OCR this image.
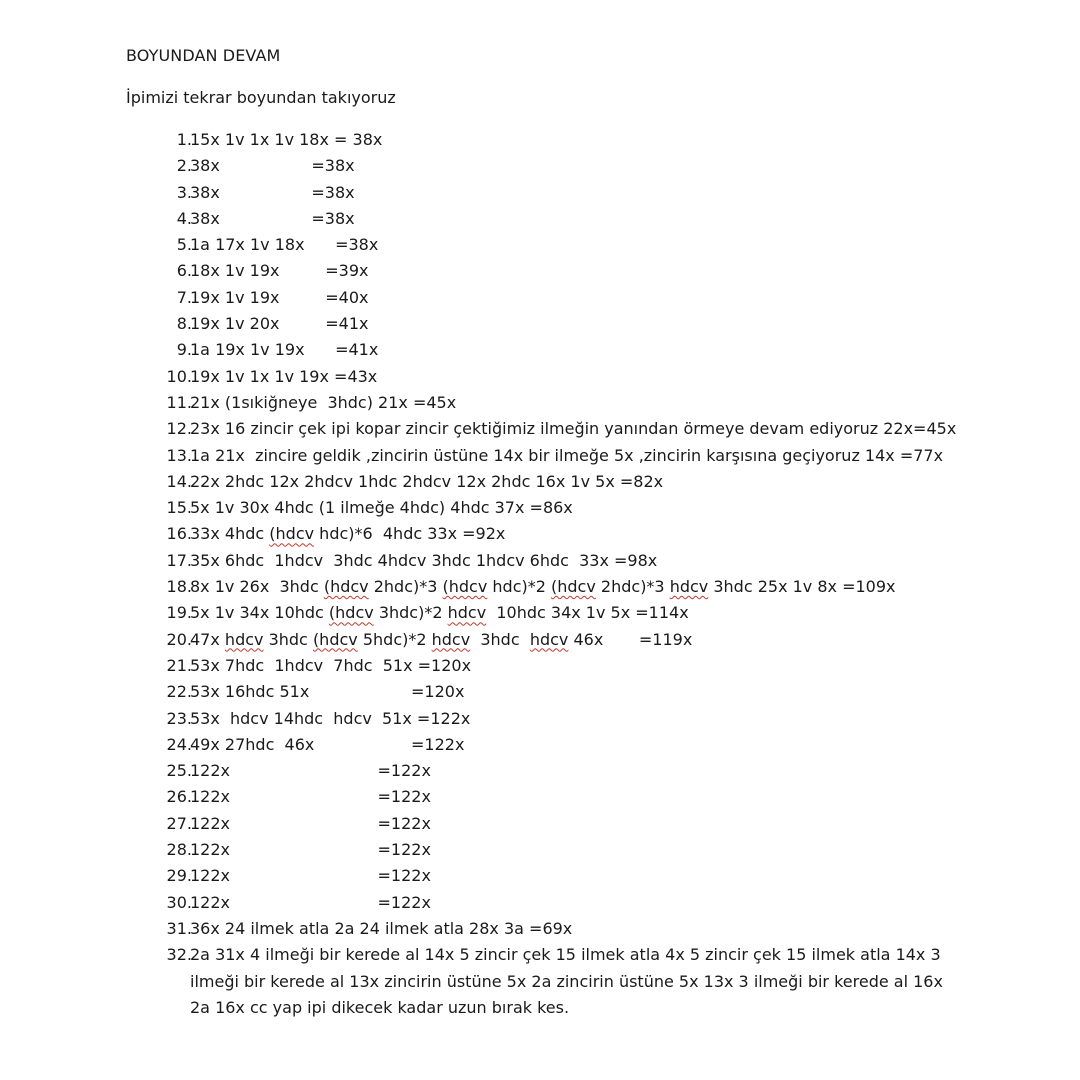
BOYUNDAN DEVAM
İpimizi tekrar boyundan takıyoruz
1.
15x 1v 1x 1v 18x = 38x
2.
38x                  =38x
3.
38x                  =38x
4.
38x                  =38x
5.
1a 17x 1v 18x      =38x
6.
18x 1v 19x         =39x
7.
19x 1v 19x         =40x
8.
19x 1v 20x         =41x
9.
1a 19x 1v 19x      =41x
10.
19x 1v 1x 1v 19x =43x
11.
21x (1sıkiğneye  3hdc) 21x =45x
12.
23x 16 zincir çek ipi kopar zincir çektiğimiz ilmeğin yanından örmeye devam ediyoruz 22x=45x
13.
1a 21x  zincire geldik ,zincirin üstüne 14x bir ilmeğe 5x ,zincirin karşısına geçiyoruz 14x =77x
14.
22x 2hdc 12x 2hdcv 1hdc 2hdcv 12x 2hdc 16x 1v 5x =82x
15.
5x 1v 30x 4hdc (1 ilmeğe 4hdc) 4hdc 37x =86x
16.
33x 4hdc (hdcv hdc)*6  4hdc 33x =92x
17.
35x 6hdc  1hdcv  3hdc 4hdcv 3hdc 1hdcv 6hdc  33x =98x
18.
8x 1v 26x  3hdc (hdcv 2hdc)*3 (hdcv hdc)*2 (hdcv 2hdc)*3 hdcv 3hdc 25x 1v 8x =109x
19.
5x 1v 34x 10hdc (hdcv 3hdc)*2 hdcv  10hdc 34x 1v 5x =114x
20.
47x hdcv 3hdc (hdcv 5hdc)*2 hdcv  3hdc  hdcv 46x       =119x
21.
53x 7hdc  1hdcv  7hdc  51x =120x
22.
53x 16hdc 51x                    =120x
23.
53x  hdcv 14hdc  hdcv  51x =122x
24.
49x 27hdc  46x                   =122x
25.
122x                             =122x
26.
122x                             =122x
27.
122x                             =122x
28.
122x                             =122x
29.
122x                             =122x
30.
122x                             =122x
31.
36x 24 ilmek atla 2a 24 ilmek atla 28x 3a =69x
32.
2a 31x 4 ilmeği bir kerede al 14x 5 zincir çek 15 ilmek atla 4x 5 zincir çek 15 ilmek atla 14x 3 ilmeği bir kerede al 13x zincirin üstüne 5x 2a zincirin üstüne 5x 13x 3 ilmeği bir kerede al 16x 2a 16x cc yap ipi dikecek kadar uzun bırak kes.
